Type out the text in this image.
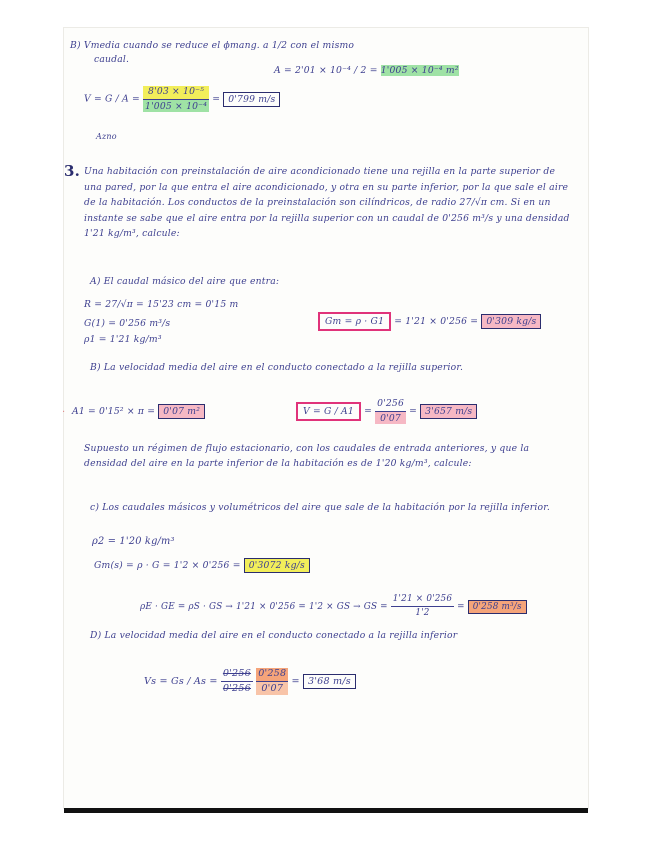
B) Vmedia cuando se reduce el ϕmang. a 1/2 con el mismo
caudal.
A = 2'01 × 10⁻⁴ / 2 = 1'005 × 10⁻⁴ m²
$V = G / A = \frac{\text{8'03 × 10⁻⁵}}{\text{1'005 × 10⁻⁴}} = 0'799$ m/s
Azno
3. Una habitación con preinstalación de aire acondicionado tiene una rejilla en la parte superior de una pared, por la que entra el aire acondicionado, y otra en su parte inferior, por la que sale el aire de la habitación. Los conductos de la preinstalación son cilíndricos, de radio 27/√π cm. Si en un instante se sabe que el aire entra por la rejilla superior con un caudal de 0'256 m³/s y una densidad 1'21 kg/m³, calcule:
A) El caudal másico del aire que entra:
R = 27/√π = 15'23 cm = 0'15 m
G(1) = 0'256 m³/s
ρ1 = 1'21 kg/m³
Gm = ρ · G1 = 1'21 × 0'256 = 0'309 kg/s
B) La velocidad media del aire en el conducto conectado a la rejilla superior.
· A1 = 0'15² × π = 0'07 m²	$V = G / A1 = \frac{0'256}{0'07} = 3'657$ m/s
Supuesto un régimen de flujo estacionario, con los caudales de entrada anteriores, y que la densidad del aire en la parte inferior de la habitación es de 1'20 kg/m³, calcule:
c) Los caudales másicos y volumétricos del aire que sale de la habitación por la rejilla inferior.
ρ2 = 1'20 kg/m³
Gm(s) = ρ · G = 1'2 × 0'256 = 0'3072 kg/s
ρE · GE = ρS · GS → 1'21 × 0'256 = 1'2 × GS → GS = $\frac{1'21 \times 0'256}{1'2} = 0'258$ m³/s
D) La velocidad media del aire en el conducto conectado a la rejilla inferior
$Vs = Gs / As = \frac{0'256}{0'256}$
$\frac{0'258}{0'07} = 3'68$ m/s
